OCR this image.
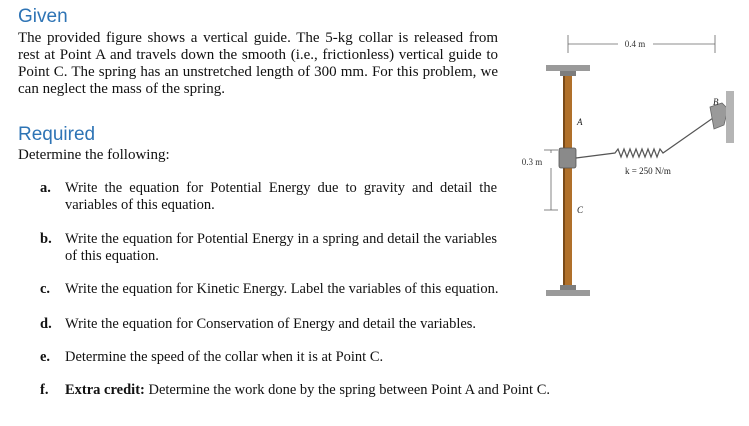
Given
The provided figure shows a vertical guide. The 5-kg collar is released from rest at Point A and travels down the smooth (i.e., frictionless) vertical guide to Point C. The spring has an unstretched length of 300 mm. For this problem, we can neglect the mass of the spring.
Required
Determine the following:
a. Write the equation for Potential Energy due to gravity and detail the variables of this equation.
b. Write the equation for Potential Energy in a spring and detail the variables of this equation.
c. Write the equation for Kinetic Energy. Label the variables of this equation.
d. Write the equation for Conservation of Energy and detail the variables.
e. Determine the speed of the collar when it is at Point C.
f. Extra credit: Determine the work done by the spring between Point A and Point C.
0.4 m
0.3 m
A
C
B
k = 250 N/m
